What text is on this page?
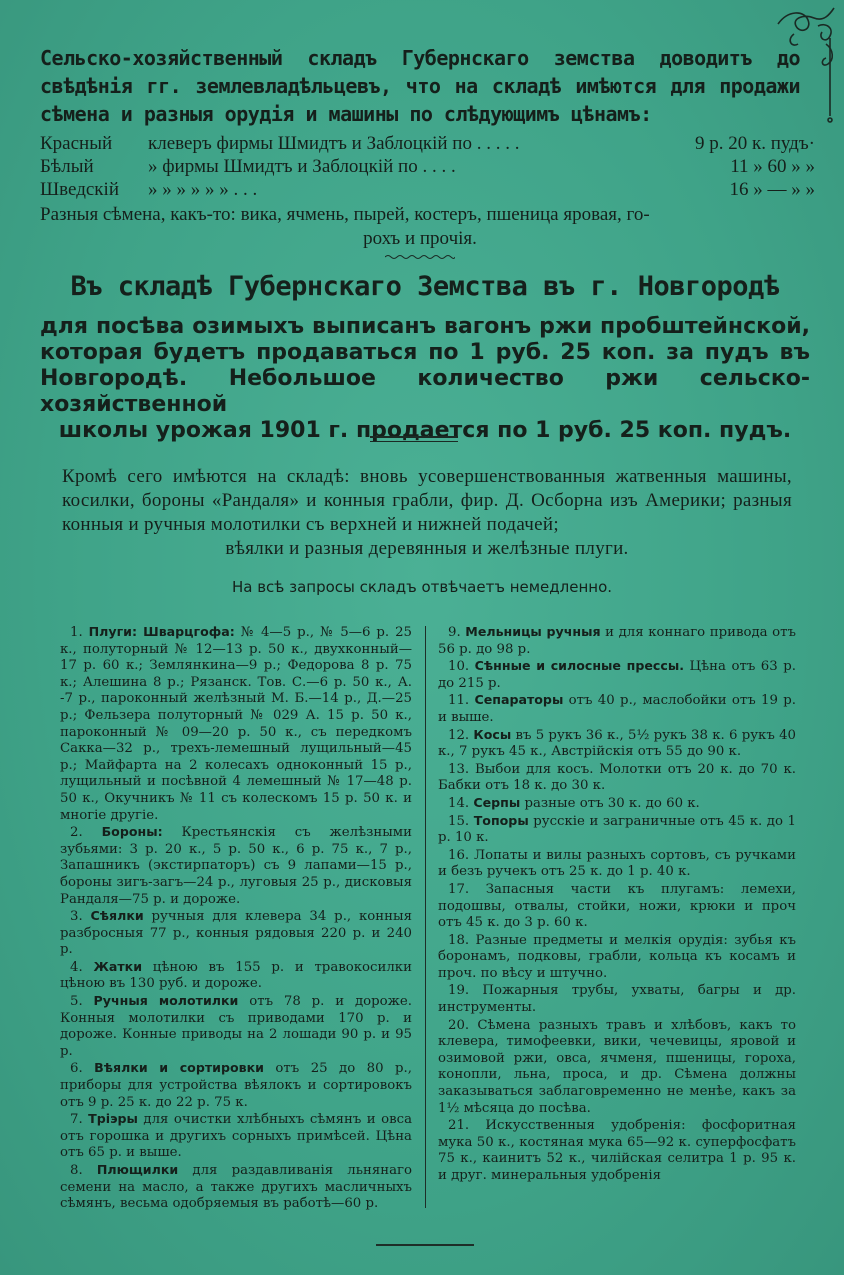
Сельско-хозяйственный складъ Губернскаго земства доводитъ до свѣдѣнія гг. землевладѣльцевъ, что на складѣ имѣются для продажи сѣмена и разныя орудія и машины по слѣдующимъ цѣнамъ:
Красный	клеверъ фирмы Шмидтъ и Заблоцкій по . . . . .	9 р. 20 к. пудъ·
Бѣлый	» фирмы Шмидтъ и Заблоцкій по . . . .	11 » 60 » »
Шведскій	» » » » » » . . .	16 » — » »
Разныя сѣмена, какъ-то: вика, ячмень, пырей, костеръ, пшеница яровая, го-
рохъ и прочія.
Въ складѣ Губернскаго Земства въ г. Новгородѣ
для посѣва озимыхъ выписанъ вагонъ ржи пробштейнской, которая будетъ продаваться по 1 руб. 25 коп. за пудъ въ Новгородѣ. Небольшое количество ржи сельско-хозяйственной
школы урожая 1901 г. продается по 1 руб. 25 коп. пудъ.
Кромѣ сего имѣются на складѣ: вновь усовершенствованныя жатвенныя машины, косилки, бороны «Рандаля» и конныя грабли, фир. Д. Осборна изъ Америки; разныя конныя и ручныя молотилки съ верхней и нижней подачей;
вѣялки и разныя деревянныя и желѣзные плуги.
На всѣ запросы складъ отвѣчаетъ немедленно.

1. Плуги: Шварцгофа: № 4—5 р., № 5—6 р. 25 к., полуторный № 12—13 р. 50 к., двухконный—17 р. 60 к.; Землянкина—9 р.; Федорова 8 р. 75 к.; Алешина 8 р.; Рязанск. Тов. С.—6 р. 50 к., А. -7 р., пароконный желѣзный М. Б.—14 р., Д.—25 р.; Фельзера полуторный № 029 А. 15 р. 50 к., пароконный № 09—20 р. 50 к., съ передкомъ Сакка—32 р., трехъ-лемешный лущильный—45 р.; Майфарта на 2 колесахъ одноконный 15 р., лущильный и посѣвной 4 лемешный № 17—48 р. 50 к., Окучникъ № 11 съ колескомъ 15 р. 50 к. и многіе другіе.

2. Бороны: Крестьянскія съ желѣзными зубьями: 3 р. 20 к., 5 р. 50 к., 6 р. 75 к., 7 р., Запашникъ (экстирпаторъ) съ 9 лапами—15 р., бороны зигъ-загъ—24 р., луговыя 25 р., дисковыя Рандаля—75 р. и дороже.

3. Сѣялки ручныя для клевера 34 р., конныя разбросныя 77 р., конныя рядовыя 220 р. и 240 р.

4. Жатки цѣною въ 155 р. и травокосилки цѣною въ 130 руб. и дороже.

5. Ручныя молотилки отъ 78 р. и дороже. Конныя молотилки съ приводами 170 р. и дороже. Конные приводы на 2 лошади 90 р. и 95 р.

6. Вѣялки и сортировки отъ 25 до 80 р., приборы для устройства вѣялокъ и сортировокъ отъ 9 р. 25 к. до 22 р. 75 к.

7. Тріэры для очистки хлѣбныхъ сѣмянъ и овса отъ горошка и другихъ сорныхъ примѣсей. Цѣна отъ 65 р. и выше.

8. Плющилки для раздавливанія льнянаго семени на масло, а также другихъ масличныхъ сѣмянъ, весьма одобряемыя въ работѣ—60 р.

9. Мельницы ручныя и для коннаго привода отъ 56 р. до 98 р.

10. Сѣнные и силосные прессы. Цѣна отъ 63 р. до 215 р.

11. Сепараторы отъ 40 р., маслобойки отъ 19 р. и выше.

12. Косы въ 5 рукъ 36 к., 5½ рукъ 38 к. 6 рукъ 40 к., 7 рукъ 45 к., Австрійскія отъ 55 до 90 к.

13. Выбои для косъ. Молотки отъ 20 к. до 70 к. Бабки отъ 18 к. до 30 к.

14. Серпы разные отъ 30 к. до 60 к.

15. Топоры русскіе и заграничные отъ 45 к. до 1 р. 10 к.

16. Лопаты и вилы разныхъ сортовъ, съ ручками и безъ ручекъ отъ 25 к. до 1 р. 40 к.

17. Запасныя части къ плугамъ: лемехи, подошвы, отвалы, стойки, ножи, крюки и проч отъ 45 к. до 3 р. 60 к.

18. Разные предметы и мелкія орудія: зубья къ боронамъ, подковы, грабли, кольца къ косамъ и проч. по вѣсу и штучно.

19. Пожарныя трубы, ухваты, багры и др. инструменты.

20. Сѣмена разныхъ травъ и хлѣбовъ, какъ то клевера, тимофеевки, вики, чечевицы, яровой и озимовой ржи, овса, ячменя, пшеницы, гороха, конопли, льна, проса, и др. Сѣмена должны заказываться заблаговременно не менѣе, какъ за 1½ мѣсяца до посѣва.

21. Искусственныя удобренія: фосфоритная мука 50 к., костяная мука 65—92 к. суперфосфатъ 75 к., каинитъ 52 к., чилійская селитра 1 р. 95 к. и друг. минеральныя удобренія
